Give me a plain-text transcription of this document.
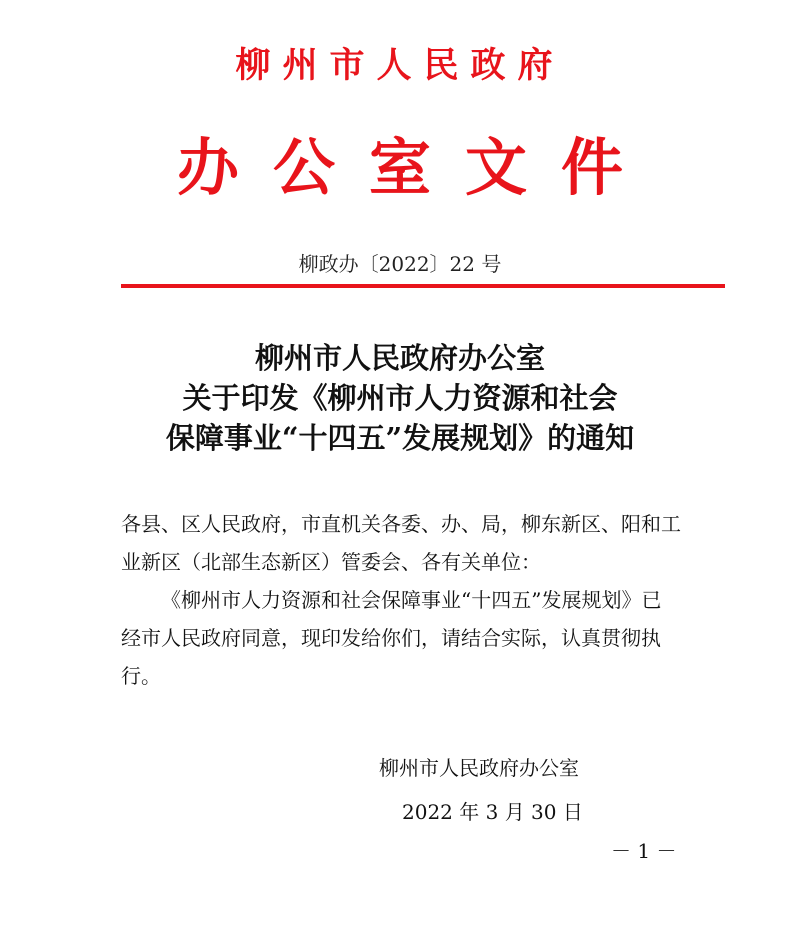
柳州市人民政府
办公室文件
柳政办〔2022〕22 号
柳州市人民政府办公室
关于印发《柳州市人力资源和社会
保障事业“十四五”发展规划》的通知

各县、区人民政府，市直机关各委、办、局，柳东新区、阳和工业新区（北部生态新区）管委会、各有关单位：

《柳州市人力资源和社会保障事业“十四五”发展规划》已经市人民政府同意，现印发给你们，请结合实际，认真贯彻执行。

柳州市人民政府办公室
2022 年 3 月 30 日
－ 1 －
